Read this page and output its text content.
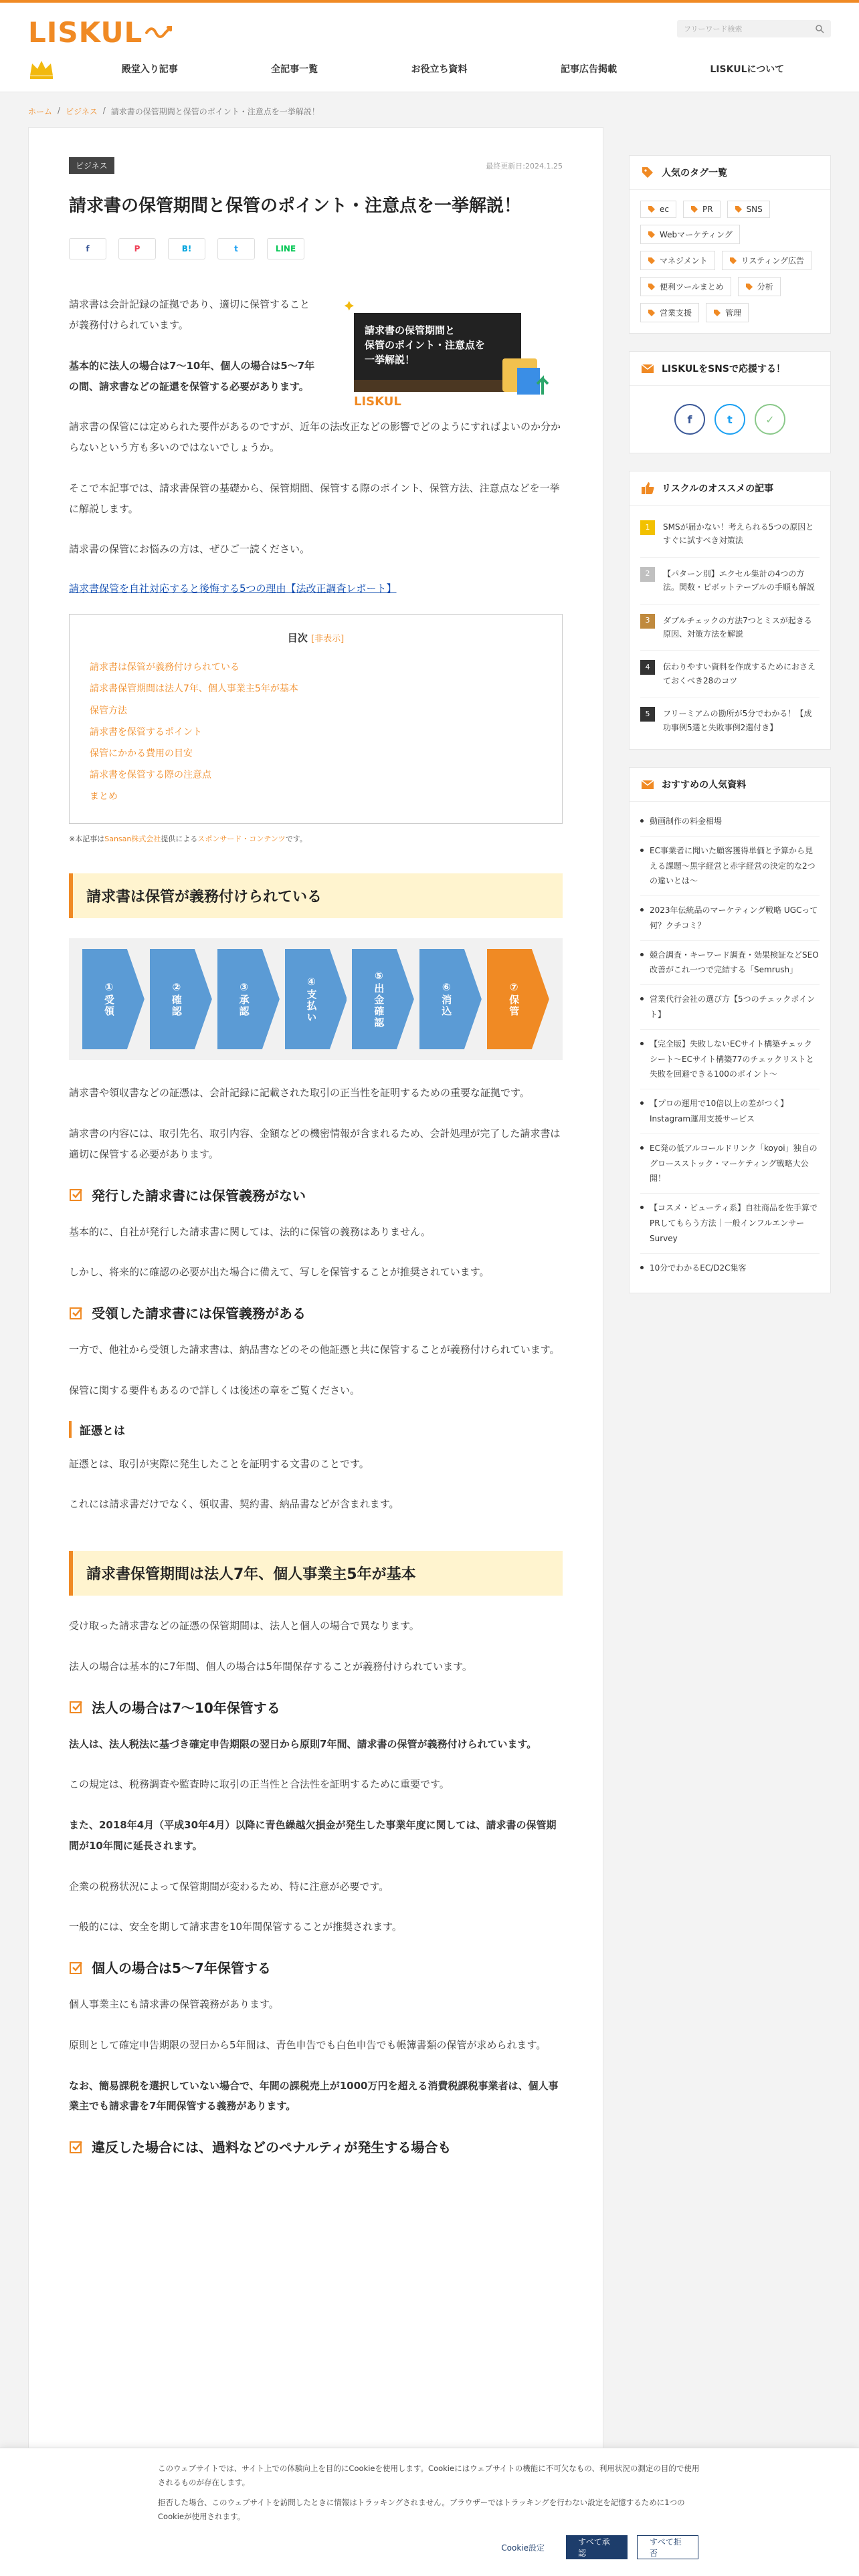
LISKUL	フリーワード検索
殿堂入り記事	全記事一覧	お役立ち資料	記事広告掲載	LISKULについて
ホーム / ビジネス / 請求書の保管期間と保管のポイント・注意点を一挙解説！
ビジネス	最終更新日:2024.1.25
請求書の保管期間と保管のポイント・注意点を一挙解説！
f	P	B!	t	LINE

請求書は会計記録の証拠であり、適切に保管することが義務付けられています。

基本的に法人の場合は7〜10年、個人の場合は5〜7年の間、請求書などの証還を保管する必要があります。

請求書の保管期間と
保管のポイント・注意点を
一挙解説！
LISKUL

請求書の保管には定められた要件があるのですが、近年の法改正などの影響でどのようにすればよいのか分からないという方も多いのではないでしょうか。

そこで本記事では、請求書保管の基礎から、保管期間、保管する際のポイント、保管方法、注意点などを一挙に解説します。

請求書の保管にお悩みの方は、ぜひご一読ください。

請求書保管を自社対応すると後悔する5つの理由【法改正調査レポート】

目次 [非表示]
請求書は保管が義務付けられている
請求書保管期間は法人7年、個人事業主5年が基本
保管方法
請求書を保管するポイント
保管にかかる費用の目安
請求書を保管する際の注意点
まとめ

※本記事はSansan株式会社提供によるスポンサード・コンテンツです。

請求書は保管が義務付けられている
①受領	②確認	③承認	④支払い	⑤出金確認	⑥消込	⑦保管

請求書や領収書などの証憑は、会計記録に記載された取引の正当性を証明するための重要な証拠です。

請求書の内容には、取引先名、取引内容、金額などの機密情報が含まれるため、会計処理が完了した請求書は適切に保管する必要があります。

発行した請求書には保管義務がない

基本的に、自社が発行した請求書に関しては、法的に保管の義務はありません。

しかし、将来的に確認の必要が出た場合に備えて、写しを保管することが推奨されています。

受領した請求書には保管義務がある

一方で、他社から受領した請求書は、納品書などのその他証憑と共に保管することが義務付けられています。

保管に関する要件もあるので詳しくは後述の章をご覧ください。

証憑とは

証憑とは、取引が実際に発生したことを証明する文書のことです。

これには請求書だけでなく、領収書、契約書、納品書などが含まれます。

請求書保管期間は法人7年、個人事業主5年が基本

受け取った請求書などの証憑の保管期間は、法人と個人の場合で異なります。

法人の場合は基本的に7年間、個人の場合は5年間保存することが義務付けられています。

法人の場合は7〜10年保管する

法人は、法人税法に基づき確定申告期限の翌日から原則7年間、請求書の保管が義務付けられています。

この規定は、税務調査や監査時に取引の正当性と合法性を証明するために重要です。

また、2018年4月（平成30年4月）以降に青色繰越欠損金が発生した事業年度に関しては、請求書の保管期間が10年間に延長されます。

企業の税務状況によって保管期間が変わるため、特に注意が必要です。

一般的には、安全を期して請求書を10年間保管することが推奨されます。

個人の場合は5〜7年保管する

個人事業主にも請求書の保管義務があります。

原則として確定申告期限の翌日から5年間は、青色申告でも白色申告でも帳簿書類の保管が求められます。

なお、簡易課税を選択していない場合で、年間の課税売上が1000万円を超える消費税課税事業者は、個人事業主でも請求書を7年間保管する義務があります。

違反した場合には、過料などのペナルティが発生する場合も
人気のタグ一覧
ec	PR	SNS
Webマーケティング
マネジメント	リスティング広告
便利ツールまとめ	分析
営業支援	管理
LISKULをSNSで応援する！
f	t	✓
リスクルのオススメの記事
1	SMSが届かない！考えられる5つの原因とすぐに試すべき対策法
2	【パターン別】エクセル集計の4つの方法。関数・ピボットテーブルの手順も解説
3	ダブルチェックの方法7つとミスが起きる原因、対策方法を解説
4	伝わりやすい資料を作成するためにおさえておくべき28のコツ
5	フリーミアムの勘所が5分でわかる！【成功事例5選と失敗事例2選付き】
おすすめの人気資料
動画制作の料金相場
EC事業者に聞いた顧客獲得単価と予算から見える課題〜黒字経営と赤字経営の決定的な2つの違いとは〜
2023年伝統品のマーケティング戦略 UGCって何？クチコミ？
競合調査・キーワード調査・効果検証などSEO改善がこれ一つで完結する「Semrush」
営業代行会社の選び方【5つのチェックポイント】
【完全版】失敗しないECサイト構築チェックシート〜ECサイト構築77のチェックリストと失敗を回避できる100のポイント〜
【プロの運用で10倍以上の差がつく】Instagram運用支援サービス
EC発の低アルコールドリンク「koyoi」独自のグロースストック・マーケティング戦略大公開！
【コスメ・ビューティ系】自社商品を佐手算でPRしてもらう方法｜一般インフルエンサーSurvey
10分でわかるEC/D2C集客

このウェブサイトでは、サイト上での体験向上を目的にCookieを使用します。Cookieにはウェブサイトの機能に不可欠なもの、利用状況の測定の目的で使用されるものが存在します。

拒否した場合、このウェブサイトを訪問したときに情報はトラッキングされません。ブラウザーではトラッキングを行わない設定を記憶するために1つのCookieが使用されます。

Cookie設定
すべて承認
すべて拒否
